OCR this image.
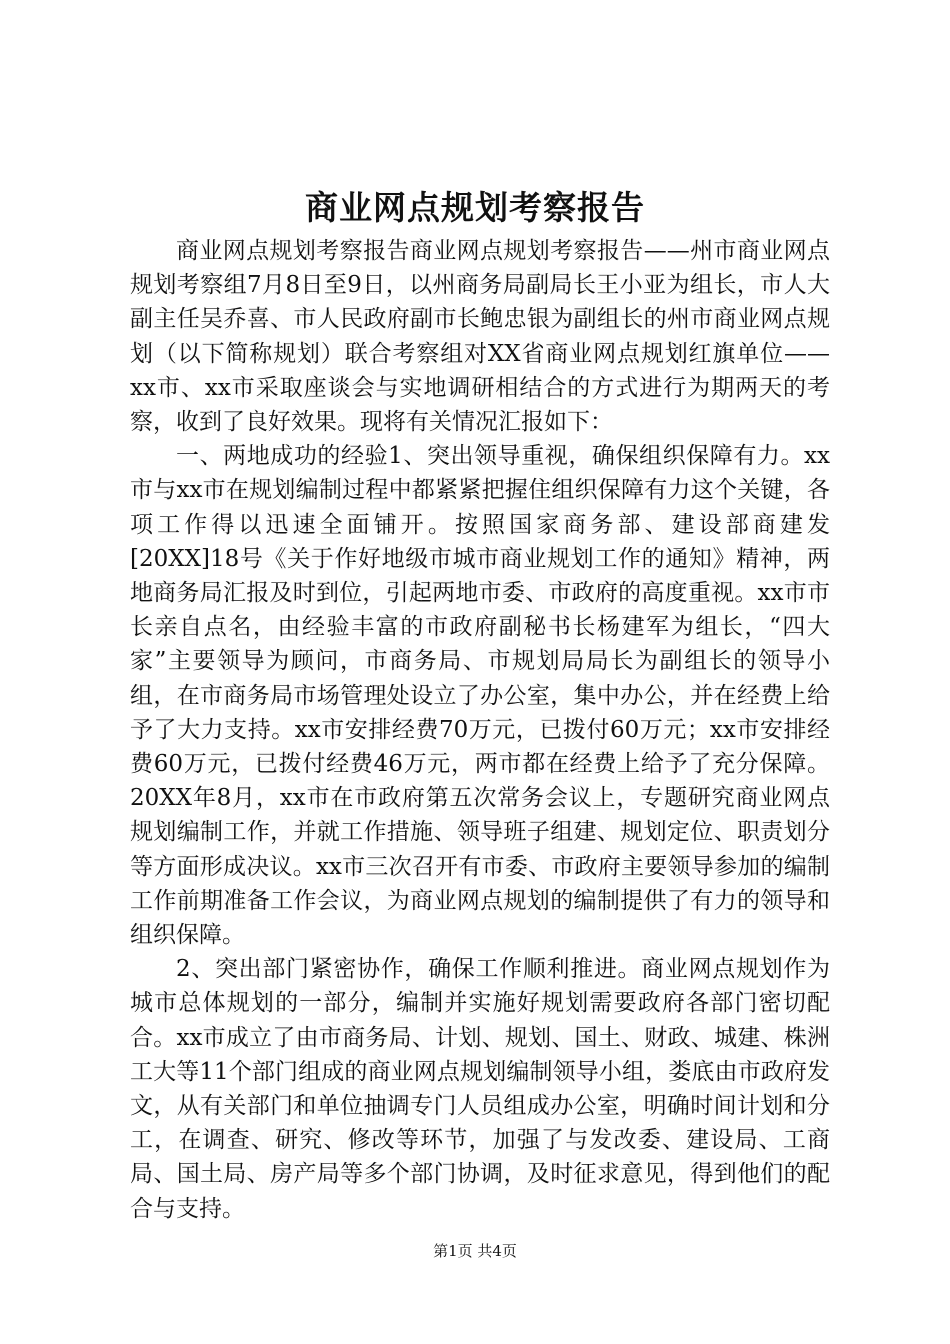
商业网点规划考察报告

商业网点规划考察报告商业网点规划考察报告——州市商业网点规划考察组7月8日至9日，以州商务局副局长王小亚为组长，市人大副主任吴乔喜、市人民政府副市长鲍忠银为副组长的州市商业网点规划（以下简称规划）联合考察组对XX省商业网点规划红旗单位——xx市、xx市采取座谈会与实地调研相结合的方式进行为期两天的考察，收到了良好效果。现将有关情况汇报如下：

一、两地成功的经验1、突出领导重视，确保组织保障有力。xx市与xx市在规划编制过程中都紧紧把握住组织保障有力这个关键，各项工作得以迅速全面铺开。按照国家商务部、建设部商建发[20XX]18号《关于作好地级市城市商业规划工作的通知》精神，两地商务局汇报及时到位，引起两地市委、市政府的高度重视。xx市市长亲自点名，由经验丰富的市政府副秘书长杨建军为组长，“四大家”主要领导为顾问，市商务局、市规划局局长为副组长的领导小组，在市商务局市场管理处设立了办公室，集中办公，并在经费上给予了大力支持。xx市安排经费70万元，已拨付60万元；xx市安排经费60万元，已拨付经费46万元，两市都在经费上给予了充分保障。20XX年8月，xx市在市政府第五次常务会议上，专题研究商业网点规划编制工作，并就工作措施、领导班子组建、规划定位、职责划分等方面形成决议。xx市三次召开有市委、市政府主要领导参加的编制工作前期准备工作会议，为商业网点规划的编制提供了有力的领导和组织保障。

2、突出部门紧密协作，确保工作顺利推进。商业网点规划作为城市总体规划的一部分，编制并实施好规划需要政府各部门密切配合。xx市成立了由市商务局、计划、规划、国土、财政、城建、株洲工大等11个部门组成的商业网点规划编制领导小组，娄底由市政府发文，从有关部门和单位抽调专门人员组成办公室，明确时间计划和分工，在调查、研究、修改等环节，加强了与发改委、建设局、工商局、国土局、房产局等多个部门协调，及时征求意见，得到他们的配合与支持。

第1页 共4页
